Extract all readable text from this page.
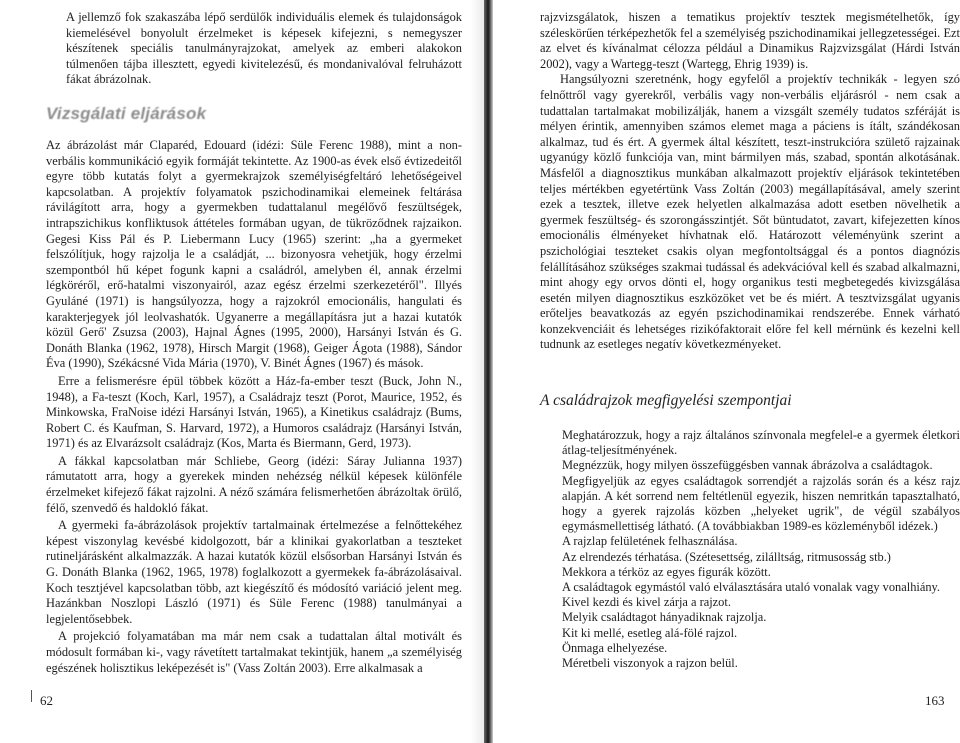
A jellemző fok szakaszába lépő serdülők individuális elemek és tulajdonságok kiemelésével bonyolult érzelmeket is képesek kifejezni, s nemegyszer készítenek speciális tanulmányrajzokat, amelyek az emberi alakokon túlmenően tájba illesztett, egyedi kivitelezésű, és mondanivalóval felruházott fákat ábrázolnak.

Vizsgálati eljárások

Az ábrázolást már Claparéd, Edouard (idézi: Süle Ferenc 1988), mint a non-verbális kommunikáció egyik formáját tekintette. Az 1900-as évek első évtizedeitől egyre több kutatás folyt a gyermekrajzok személyiségfeltáró lehetőségeivel kapcsolatban. A projektív folyamatok pszichodinamikai elemeinek feltárása rávilágított arra, hogy a gyermekben tudattalanul megélővő feszültségek, intrapszichikus konfliktusok áttételes formában ugyan, de tükröződnek rajzaikon. Gegesi Kiss Pál és P. Liebermann Lucy (1965) szerint: „ha a gyermeket felszólítjuk, hogy rajzolja le a családját, ... bizonyosra vehetjük, hogy érzelmi szempontból hű képet fogunk kapni a családról, amelyben él, annak érzelmi légköréről, erő-hatalmi viszonyairól, azaz egész érzelmi szerkezetéről". Illyés Gyuláné (1971) is hangsúlyozza, hogy a rajzokról emocionális, hangulati és karakterjegyek jól leolvashatók. Ugyanerre a megállapításra jut a hazai kutatók közül Gerő' Zsuzsa (2003), Hajnal Ágnes (1995, 2000), Harsányi István és G. Donáth Blanka (1962, 1978), Hirsch Margit (1968), Geiger Ágota (1988), Sándor Éva (1990), Székácsné Vida Mária (1970), V. Binét Ágnes (1967) és mások.

Erre a felismerésre épül többek között a Ház-fa-ember teszt (Buck, John N., 1948), a Fa-teszt (Koch, Karl, 1957), a Családrajz teszt (Porot, Maurice, 1952, és Minkowska, FraNoise idézi Harsányi István, 1965), a Kinetikus családrajz (Bums, Robert C. és Kaufman, S. Harvard, 1972), a Humoros családrajz (Harsányi István, 1971) és az Elvarázsolt családrajz (Kos, Marta és Biermann, Gerd, 1973).

A fákkal kapcsolatban már Schliebe, Georg (idézi: Sáray Julianna 1937) rámutatott arra, hogy a gyerekek minden nehézség nélkül képesek különféle érzelmeket kifejező fákat rajzolni. A néző számára felismerhetően ábrázoltak örülő, félő, szenvedő és haldokló fákat.

A gyermeki fa-ábrázolások projektív tartalmainak értelmezése a felnőttekéhez képest viszonylag kevésbé kidolgozott, bár a klinikai gyakorlatban a teszteket rutineljárásként alkalmazzák. A hazai kutatók közül elsősorban Harsányi István és G. Donáth Blanka (1962, 1965, 1978) foglalkozott a gyermekek fa-ábrázolásaival. Koch tesztjével kapcsolatban több, azt kiegészítő és módosító variáció jelent meg. Hazánkban Noszlopi László (1971) és Süle Ferenc (1988) tanulmányai a legjelentősebbek.

A projekció folyamatában ma már nem csak a tudattalan által motivált és módosult formában ki-, vagy rávetített tartalmakat tekintjük, hanem „a személyiség egészének holisztikus leképezését is" (Vass Zoltán 2003). Erre alkalmasak a

62

rajzvizsgálatok, hiszen a tematikus projektív tesztek megismételhetők, így széleskörűen térképezhetők fel a személyiség pszichodinamikai jellegzetességei. Ezt az elvet és kívánalmat célozza például a Dinamikus Rajzvizsgálat (Hárdi István 2002), vagy a Wartegg-teszt (Wartegg, Ehrig 1939) is.

Hangsúlyozni szeretnénk, hogy egyfelől a projektív technikák - legyen szó felnőttről vagy gyerekről, verbális vagy non-verbális eljárásról - nem csak a tudattalan tartalmakat mobilizálják, hanem a vizsgált személy tudatos szféráját is mélyen érintik, amennyiben számos elemet maga a páciens is ítált, szándékosan alkalmaz, tud és ért. A gyermek által készített, teszt-instrukcióra születő rajzainak ugyanúgy közlő funkciója van, mint bármilyen más, szabad, spontán alkotásának. Másfelől a diagnosztikus munkában alkalmazott projektív eljárások tekintetében teljes mértékben egyetértünk Vass Zoltán (2003) megállapításával, amely szerint ezek a tesztek, illetve ezek helyetlen alkalmazása adott esetben növelhetik a gyermek feszültség- és szorongásszintjét. Sőt büntudatot, zavart, kifejezetten kínos emocionális élményeket hívhatnak elő. Határozott véleményünk szerint a pszichológiai teszteket csakis olyan megfontoltsággal és a pontos diagnózis felállításához szükséges szakmai tudással és adekvációval kell és szabad alkalmazni, mint ahogy egy orvos dönti el, hogy organikus testi megbetegedés kivizsgálása esetén milyen diagnosztikus eszközöket vet be és miért. A tesztvizsgálat ugyanis erőteljes beavatkozás az egyén pszichodinamikai rendszerébe. Ennek várható konzekvenciáit és lehetséges rizikófaktorait előre fel kell mérnünk és kezelni kell tudnunk az esetleges negatív következményeket.

A családrajzok megfigyelési szempontjai

Meghatározzuk, hogy a rajz általános színvonala megfelel-e a gyermek életkori átlag-teljesítményének.

Megnézzük, hogy milyen összefüggésben vannak ábrázolva a családtagok.

Megfigyeljük az egyes családtagok sorrendjét a rajzolás során és a kész rajz alapján. A két sorrend nem feltétlenül egyezik, hiszen nemritkán tapasztalható, hogy a gyerek rajzolás közben „helyeket ugrik", de végül szabályos egymásmellettiség látható. (A továbbiakban 1989-es közleményből idézek.)

A rajzlap felületének felhasználása.

Az elrendezés térhatása. (Szétesettség, zilálltság, ritmusosság stb.)

Mekkora a térköz az egyes figurák között.

A családtagok egymástól való elválasztására utaló vonalak vagy vonalhiány.

Kivel kezdi és kivel zárja a rajzot.

Melyik családtagot hányadiknak rajzolja.

Kit ki mellé, esetleg alá-fölé rajzol.

Önmaga elhelyezése.

Méretbeli viszonyok a rajzon belül.

163
